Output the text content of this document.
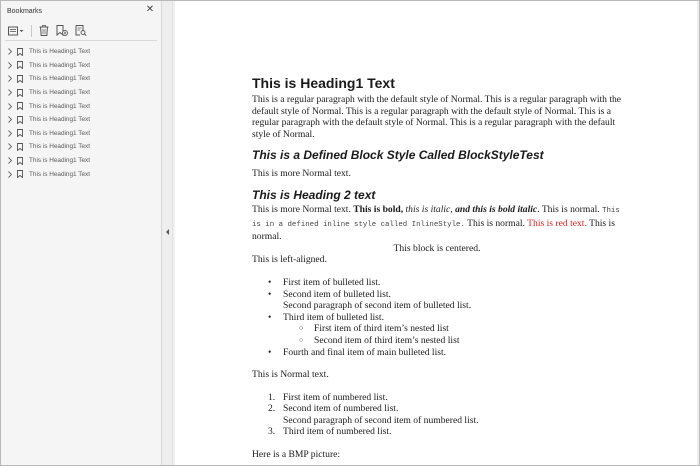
Bookmarks	✕
This is Heading1 Text
This is Heading1 Text
This is Heading1 Text
This is Heading1 Text
This is Heading1 Text
This is Heading1 Text
This is Heading1 Text
This is Heading1 Text
This is Heading1 Text
This is Heading1 Text
This is Heading1 Text

This is a regular paragraph with the default style of Normal. This is a regular paragraph with the default style of Normal. This is a regular paragraph with the default style of Normal. This is a regular paragraph with the default style of Normal. This is a regular paragraph with the default style of Normal.

This is a Defined Block Style Called BlockStyleTest

This is more Normal text.

This is Heading 2 text

This is more Normal text. This is bold, this is italic, and this is bold italic. This is normal. This is in a defined inline style called InlineStyle. This is normal. This is red text. This is normal.

This block is centered.

This is left-aligned.

• First item of bulleted list.
• Second item of bulleted list.
Second paragraph of second item of bulleted list.
• Third item of bulleted list.
○ First item of third item’s nested list
○ Second item of third item’s nested list
• Fourth and final item of main bulleted list.

This is Normal text.

1. First item of numbered list.
2. Second item of numbered list.
Second paragraph of second item of numbered list.
3. Third item of numbered list.

Here is a BMP picture:
